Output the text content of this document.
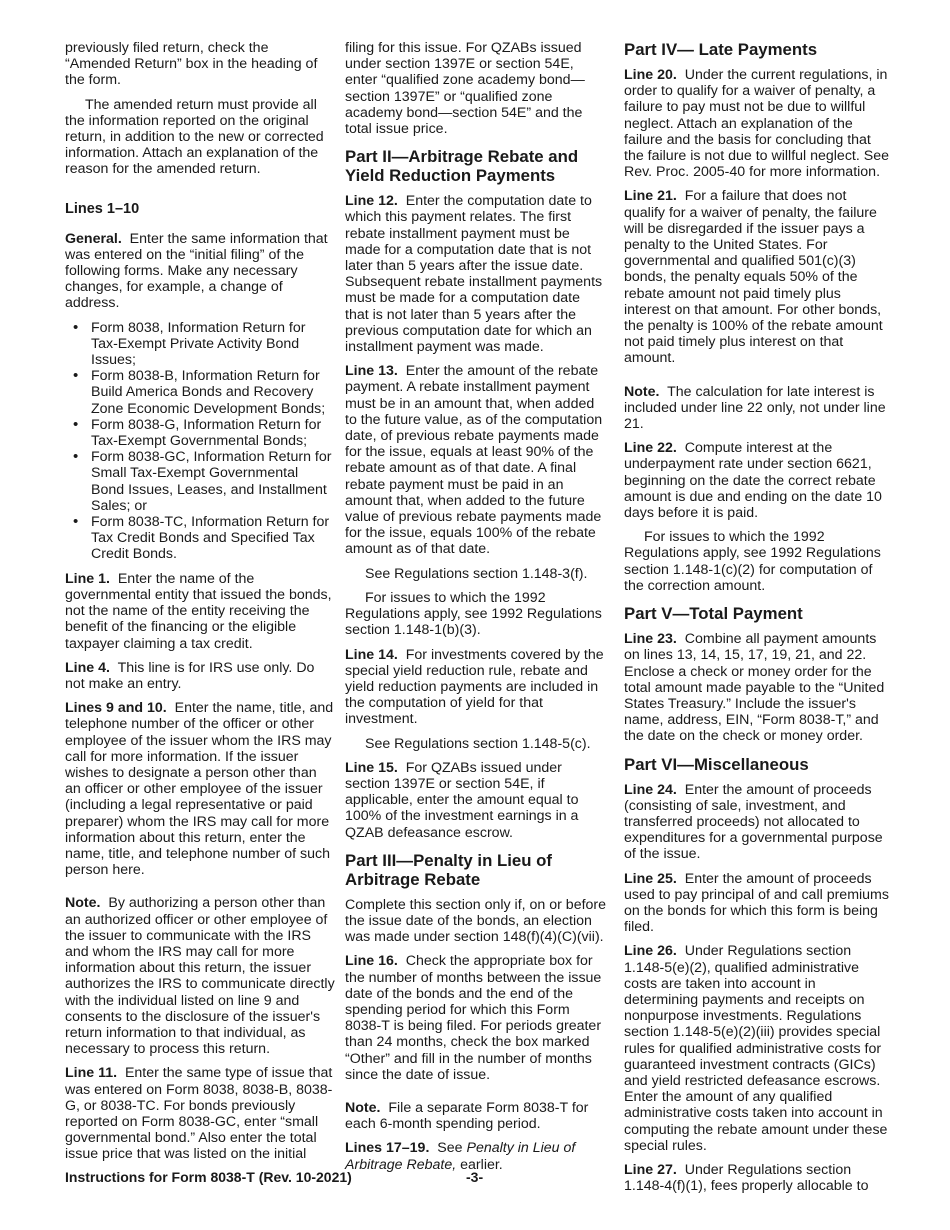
previously filed return, check the “Amended Return” box in the heading of the form.

The amended return must provide all the information reported on the original return, in addition to the new or corrected information. Attach an explanation of the reason for the amended return.

Lines 1–10

General. Enter the same information that was entered on the “initial filing” of the following forms. Make any necessary changes, for example, a change of address.

• Form 8038, Information Return for Tax-Exempt Private Activity Bond Issues;
• Form 8038-B, Information Return for Build America Bonds and Recovery Zone Economic Development Bonds;
• Form 8038-G, Information Return for Tax-Exempt Governmental Bonds;
• Form 8038-GC, Information Return for Small Tax-Exempt Governmental Bond Issues, Leases, and Installment Sales; or
• Form 8038-TC, Information Return for Tax Credit Bonds and Specified Tax Credit Bonds.

Line 1. Enter the name of the governmental entity that issued the bonds, not the name of the entity receiving the benefit of the financing or the eligible taxpayer claiming a tax credit.

Line 4. This line is for IRS use only. Do not make an entry.

Lines 9 and 10. Enter the name, title, and telephone number of the officer or other employee of the issuer whom the IRS may call for more information. If the issuer wishes to designate a person other than an officer or other employee of the issuer (including a legal representative or paid preparer) whom the IRS may call for more information about this return, enter the name, title, and telephone number of such person here.

Note. By authorizing a person other than an authorized officer or other employee of the issuer to communicate with the IRS and whom the IRS may call for more information about this return, the issuer authorizes the IRS to communicate directly with the individual listed on line 9 and consents to the disclosure of the issuer's return information to that individual, as necessary to process this return.

Line 11. Enter the same type of issue that was entered on Form 8038, 8038-B, 8038-G, or 8038-TC. For bonds previously reported on Form 8038-GC, enter “small governmental bond.” Also enter the total issue price that was listed on the initial

filing for this issue. For QZABs issued under section 1397E or section 54E, enter “qualified zone academy bond—section 1397E” or “qualified zone academy bond—section 54E” and the total issue price.

Part II—Arbitrage Rebate and Yield Reduction Payments

Line 12. Enter the computation date to which this payment relates. The first rebate installment payment must be made for a computation date that is not later than 5 years after the issue date. Subsequent rebate installment payments must be made for a computation date that is not later than 5 years after the previous computation date for which an installment payment was made.

Line 13. Enter the amount of the rebate payment. A rebate installment payment must be in an amount that, when added to the future value, as of the computation date, of previous rebate payments made for the issue, equals at least 90% of the rebate amount as of that date. A final rebate payment must be paid in an amount that, when added to the future value of previous rebate payments made for the issue, equals 100% of the rebate amount as of that date.

See Regulations section 1.148-3(f).

For issues to which the 1992 Regulations apply, see 1992 Regulations section 1.148-1(b)(3).

Line 14. For investments covered by the special yield reduction rule, rebate and yield reduction payments are included in the computation of yield for that investment.

See Regulations section 1.148-5(c).

Line 15. For QZABs issued under section 1397E or section 54E, if applicable, enter the amount equal to 100% of the investment earnings in a QZAB defeasance escrow.

Part III—Penalty in Lieu of Arbitrage Rebate

Complete this section only if, on or before the issue date of the bonds, an election was made under section 148(f)(4)(C)(vii).

Line 16. Check the appropriate box for the number of months between the issue date of the bonds and the end of the spending period for which this Form 8038-T is being filed. For periods greater than 24 months, check the box marked “Other” and fill in the number of months since the date of issue.

Note. File a separate Form 8038-T for each 6-month spending period.

Lines 17–19. See Penalty in Lieu of Arbitrage Rebate, earlier.

Part IV— Late Payments

Line 20. Under the current regulations, in order to qualify for a waiver of penalty, a failure to pay must not be due to willful neglect. Attach an explanation of the failure and the basis for concluding that the failure is not due to willful neglect. See Rev. Proc. 2005-40 for more information.

Line 21. For a failure that does not qualify for a waiver of penalty, the failure will be disregarded if the issuer pays a penalty to the United States. For governmental and qualified 501(c)(3) bonds, the penalty equals 50% of the rebate amount not paid timely plus interest on that amount. For other bonds, the penalty is 100% of the rebate amount not paid timely plus interest on that amount.

Note. The calculation for late interest is included under line 22 only, not under line 21.

Line 22. Compute interest at the underpayment rate under section 6621, beginning on the date the correct rebate amount is due and ending on the date 10 days before it is paid.

For issues to which the 1992 Regulations apply, see 1992 Regulations section 1.148-1(c)(2) for computation of the correction amount.

Part V—Total Payment

Line 23. Combine all payment amounts on lines 13, 14, 15, 17, 19, 21, and 22. Enclose a check or money order for the total amount made payable to the “United States Treasury.” Include the issuer's name, address, EIN, “Form 8038-T,” and the date on the check or money order.

Part VI—Miscellaneous

Line 24. Enter the amount of proceeds (consisting of sale, investment, and transferred proceeds) not allocated to expenditures for a governmental purpose of the issue.

Line 25. Enter the amount of proceeds used to pay principal of and call premiums on the bonds for which this form is being filed.

Line 26. Under Regulations section 1.148-5(e)(2), qualified administrative costs are taken into account in determining payments and receipts on nonpurpose investments. Regulations section 1.148-5(e)(2)(iii) provides special rules for qualified administrative costs for guaranteed investment contracts (GICs) and yield restricted defeasance escrows. Enter the amount of any qualified administrative costs taken into account in computing the rebate amount under these special rules.

Line 27. Under Regulations section 1.148-4(f)(1), fees properly allocable to

Instructions for Form 8038-T (Rev. 10-2021)	-3-
